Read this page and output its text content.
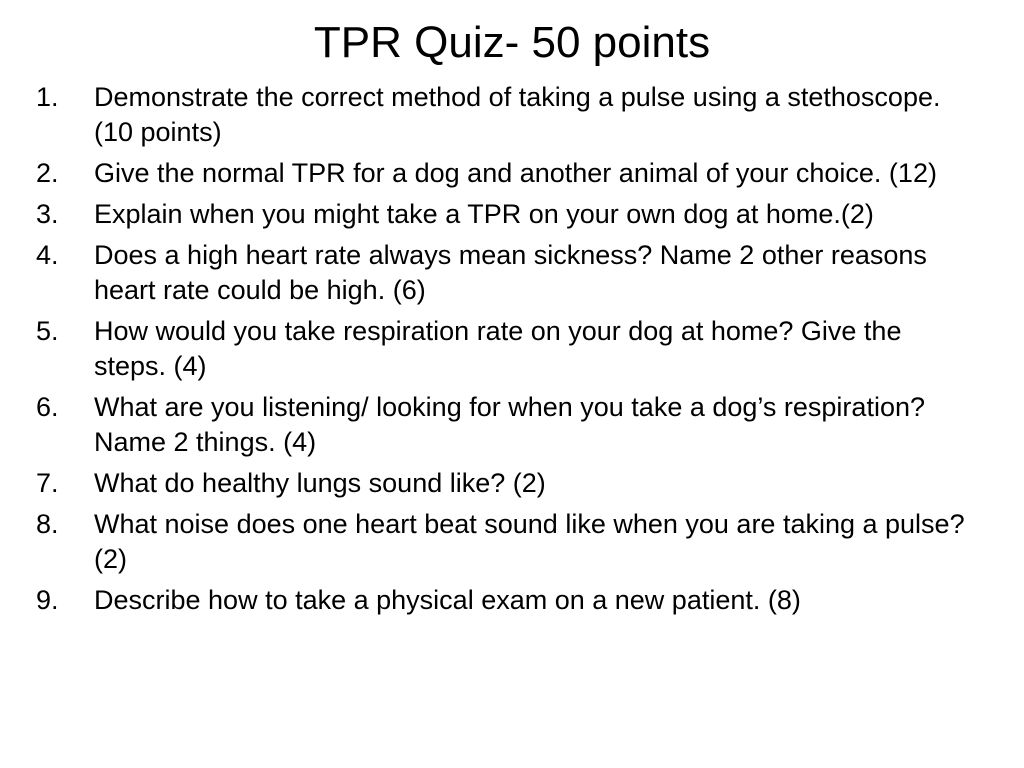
TPR Quiz- 50 points
1.	Demonstrate the correct method of taking a pulse using a stethoscope.(10 points)
2.	Give the normal TPR for a dog and another animal of your choice. (12)
3.	Explain when you might take a TPR on your own dog at home.(2)
4.	Does a high heart rate always mean sickness? Name 2 other reasons heart rate could be high. (6)
5.	How would you take respiration rate on your dog at home? Give the steps. (4)
6.	What are you listening/ looking for when you take a dog’s respiration? Name 2 things. (4)
7.	What do healthy lungs sound like? (2)
8.	What noise does one heart beat sound like when you are taking a pulse? (2)
9.	Describe how to take a physical exam on a new patient. (8)
